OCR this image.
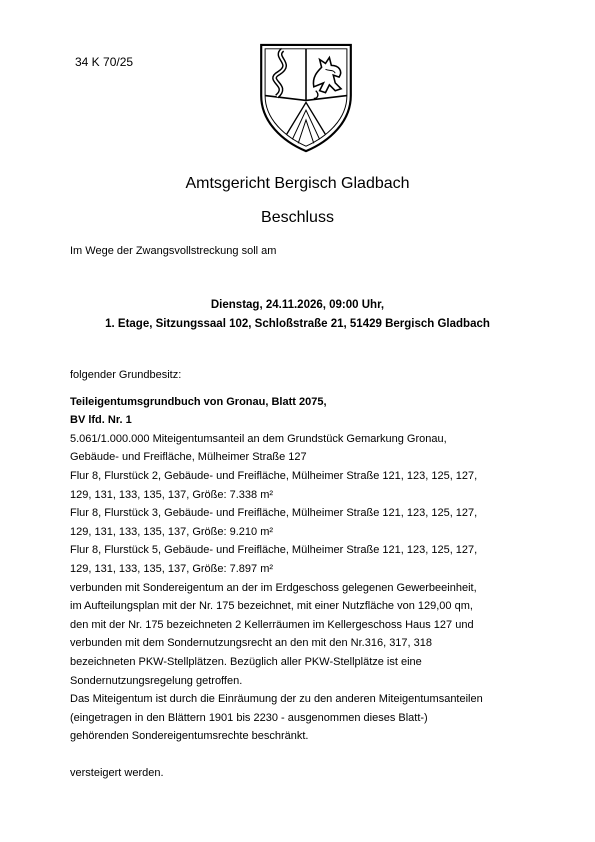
34 K 70/25
Amtsgericht Bergisch Gladbach
Beschluss
Im Wege der Zwangsvollstreckung soll am
Dienstag, 24.11.2026, 09:00 Uhr,
1. Etage, Sitzungssaal 102, Schloßstraße 21, 51429 Bergisch Gladbach
folgender Grundbesitz:
Teileigentumsgrundbuch von Gronau, Blatt 2075,
BV lfd. Nr. 1
5.061/1.000.000 Miteigentumsanteil an dem Grundstück Gemarkung Gronau,
Gebäude- und Freifläche, Mülheimer Straße 127
Flur 8, Flurstück 2, Gebäude- und Freifläche, Mülheimer Straße 121, 123, 125, 127,
129, 131, 133, 135, 137, Größe: 7.338 m²
Flur 8, Flurstück 3, Gebäude- und Freifläche, Mülheimer Straße 121, 123, 125, 127,
129, 131, 133, 135, 137, Größe: 9.210 m²
Flur 8, Flurstück 5, Gebäude- und Freifläche, Mülheimer Straße 121, 123, 125, 127,
129, 131, 133, 135, 137, Größe: 7.897 m²
verbunden mit Sondereigentum an der im Erdgeschoss gelegenen Gewerbeeinheit,
im Aufteilungsplan mit der Nr. 175 bezeichnet, mit einer Nutzfläche von 129,00 qm,
den mit der Nr. 175 bezeichneten 2 Kellerräumen im Kellergeschoss Haus 127 und
verbunden mit dem Sondernutzungsrecht an den mit den Nr.316, 317, 318
bezeichneten PKW-Stellplätzen. Bezüglich aller PKW-Stellplätze ist eine
Sondernutzungsregelung getroffen.
Das Miteigentum ist durch die Einräumung der zu den anderen Miteigentumsanteilen
(eingetragen in den Blättern 1901 bis 2230 - ausgenommen dieses Blatt-)
gehörenden Sondereigentumsrechte beschränkt.
versteigert werden.
